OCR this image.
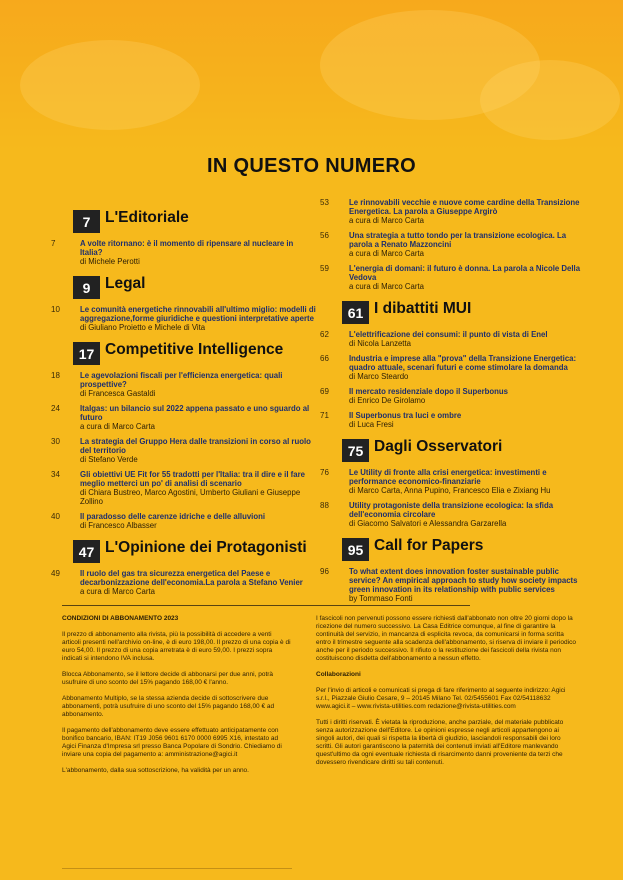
IN QUESTO NUMERO
7 L'Editoriale
7	A volte ritornano: è il momento di ripensare al nucleare in Italia?
di Michele Perotti
9 Legal
10	Le comunità energetiche rinnovabili all'ultimo miglio: modelli di aggregazione,forme giuridiche e questioni interpretative aperte
di Giuliano Proietto e Michele di Vita
17 Competitive Intelligence
18	Le agevolazioni fiscali per l'efficienza energetica: quali prospettive?
di Francesca Gastaldi
24	Italgas: un bilancio sul 2022 appena passato e uno sguardo al futuro
a cura di Marco Carta
30	La strategia del Gruppo Hera dalle transizioni in corso al ruolo del territorio
di Stefano Verde
34	Gli obiettivi UE Fit for 55 tradotti per l'Italia: tra il dire e il fare meglio metterci un po' di analisi di scenario
di Chiara Bustreo, Marco Agostini, Umberto Giuliani e Giuseppe Zollino
40	Il paradosso delle carenze idriche e delle alluvioni
di Francesco Albasser
47 L'Opinione dei Protagonisti
49	Il ruolo del gas tra sicurezza energetica del Paese e decarbonizzazione dell'economia.La parola a Stefano Venier
a cura di Marco Carta
53	Le rinnovabili vecchie e nuove come cardine della Transizione Energetica. La parola a Giuseppe Argirò
a cura di Marco Carta
56	Una strategia a tutto tondo per la transizione ecologica. La parola a Renato Mazzoncini
a cura di Marco Carta
59	L'energia di domani: il futuro è donna. La parola a Nicole Della Vedova
a cura di Marco Carta
61 I dibattiti MUI
62	L'elettrificazione dei consumi: il punto di vista di Enel
di Nicola Lanzetta
66	Industria e imprese alla "prova" della Transizione Energetica: quadro attuale, scenari futuri e come stimolare la domanda
di Marco Steardo
69	Il mercato residenziale dopo il Superbonus
di Enrico De Girolamo
71	Il Superbonus tra luci e ombre
di Luca Fresi
75 Dagli Osservatori
76	Le Utility di fronte alla crisi energetica: investimenti e performance economico-finanziarie
di Marco Carta, Anna Pupino, Francesco Elia e Zixiang Hu
88	Utility protagoniste della transizione ecologica: la sfida dell'economia circolare
di Giacomo Salvatori e Alessandra Garzarella
95 Call for Papers
96	To what extent does innovation foster sustainable public service? An empirical approach to study how society impacts green innovation in its relationship with public services
by Tommaso Fonti

CONDIZIONI DI ABBONAMENTO 2023

Il prezzo di abbonamento alla rivista, più la possibilità di accedere a venti articoli presenti nell'archivio on-line, è di euro 198,00. Il prezzo di una copia è di euro 54,00. Il prezzo di una copia arretrata è di euro 59,00. I prezzi sopra indicati si intendono IVA inclusa.

Blocca Abbonamento, se il lettore decide di abbonarsi per due anni, potrà usufruire di uno sconto del 15% pagando 168,00 € l'anno.

Abbonamento Multiplo, se la stessa azienda decide di sottoscrivere due abbonamenti, potrà usufruire di uno sconto del 15% pagando 168,00 € ad abbonamento.

Il pagamento dell'abbonamento deve essere effettuato anticipatamente con bonifico bancario, IBAN: IT19 J056 9601 6170 0000 6995 X16, intestato ad Agici Finanza d'Impresa srl presso Banca Popolare di Sondrio. Chiediamo di inviare una copia del pagamento a: amministrazione@agici.it

L'abbonamento, dalla sua sottoscrizione, ha validità per un anno.

I fascicoli non pervenuti possono essere richiesti dall'abbonato non oltre 20 giorni dopo la ricezione del numero successivo. La Casa Editrice comunque, al fine di garantire la continuità del servizio, in mancanza di esplicita revoca, da comunicarsi in forma scritta entro il trimestre seguente alla scadenza dell'abbonamento, si riserva di inviare il periodico anche per il periodo successivo. Il rifiuto o la restituzione dei fascicoli della rivista non costituiscono disdetta dell'abbonamento a nessun effetto.

Collaborazioni

Per l'invio di articoli e comunicati si prega di fare riferimento al seguente indirizzo: Agici s.r.l., Piazzale Giulio Cesare, 9 – 20145 Milano Tel. 02/5455601 Fax 02/54118632 www.agici.it – www.rivista-utilities.com redazione@rivista-utilities.com

Tutti i diritti riservati. È vietata la riproduzione, anche parziale, del materiale pubblicato senza autorizzazione dell'Editore. Le opinioni espresse negli articoli appartengono ai singoli autori, dei quali si rispetta la libertà di giudizio, lasciandoli responsabili dei loro scritti. Gli autori garantiscono la paternità dei contenuti inviati all'Editore manlevando quest'ultimo da ogni eventuale richiesta di risarcimento danni proveniente da terzi che dovessero rivendicare diritti su tali contenuti.
